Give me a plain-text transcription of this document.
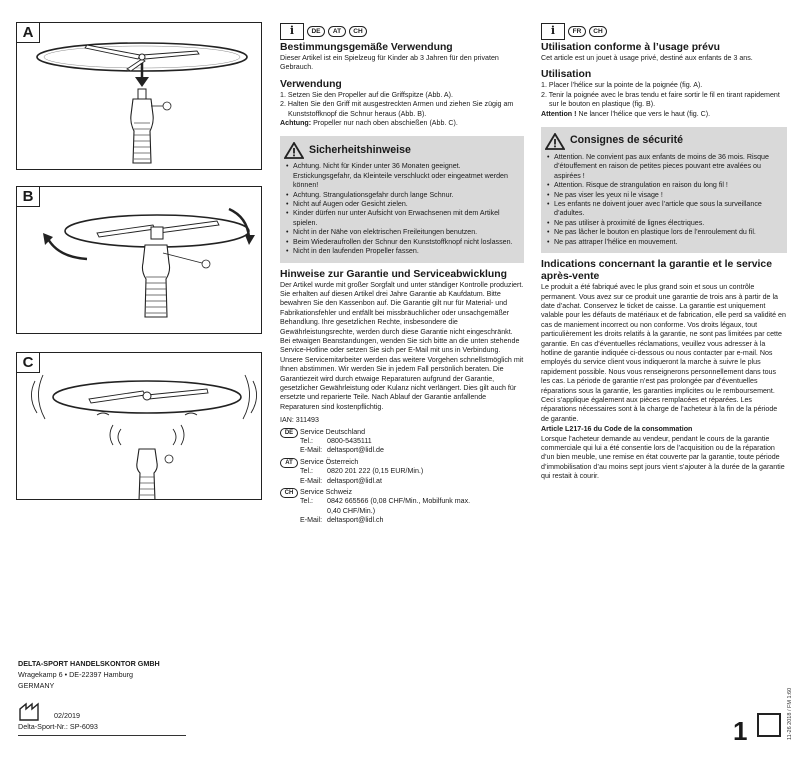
A
B
C
i	DE	AT	CH
Bestimmungsgemäße Verwendung

Dieser Artikel ist ein Spielzeug für Kinder ab 3 Jahren für den privaten Gebrauch.

Verwendung

1. Setzen Sie den Propeller auf die Griffspitze (Abb. A).

2. Halten Sie den Griff mit ausgestreckten Armen und ziehen Sie zügig am Kunststoffknopf die Schnur heraus (Abb. B).

Achtung: Propeller nur nach oben abschießen (Abb. C).

Sicherheitshinweise

• Achtung. Nicht für Kinder unter 36 Monaten geeignet. Erstickungsgefahr, da Kleinteile verschluckt oder eingeatmet werden können!

• Achtung. Strangulationsgefahr durch lange Schnur.

• Nicht auf Augen oder Gesicht zielen.

• Kinder dürfen nur unter Aufsicht von Erwachsenen mit dem Artikel spielen.

• Nicht in der Nähe von elektrischen Freileitungen benutzen.

• Beim Wiederaufrollen der Schnur den Kunststoffknopf nicht loslassen.

• Nicht in den laufenden Propeller fassen.

Hinweise zur Garantie und Serviceabwicklung

Der Artikel wurde mit großer Sorgfalt und unter ständiger Kontrolle produziert. Sie erhalten auf diesen Artikel drei Jahre Garantie ab Kaufdatum. Bitte bewahren Sie den Kassenbon auf. Die Garantie gilt nur für Material- und Fabrikationsfehler und entfällt bei missbräuchlicher oder unsachgemäßer Behandlung. Ihre gesetzlichen Rechte, insbesondere die Gewährleistungsrechte, werden durch diese Garantie nicht eingeschränkt. Bei etwaigen Beanstandungen, wenden Sie sich bitte an die unten stehende Service-Hotline oder setzen Sie sich per E-Mail mit uns in Verbindung. Unsere Servicemitarbeiter werden das weitere Vorgehen schnellstmöglich mit Ihnen abstimmen. Wir werden Sie in jedem Fall persönlich beraten. Die Garantiezeit wird durch etwaige Reparaturen aufgrund der Garantie, gesetzlicher Gewährleistung oder Kulanz nicht verlängert. Dies gilt auch für ersetzte und reparierte Teile. Nach Ablauf der Garantie anfallende Reparaturen sind kostenpflichtig.

IAN: 311493

DE Service Deutschland
Tel.:	0800-5435111
E-Mail: deltasport@lidl.de
AT	Service Österreich
Tel.:	0820 201 222 (0,15 EUR/Min.)
E-Mail: deltasport@lidl.at
CH Service Schweiz
Tel.:	0842 665566 (0,08 CHF/Min., Mobilfunk max. 0,40 CHF/Min.)
E-Mail: deltasport@lidl.ch
i	FR	CH
Utilisation conforme à l’usage prévu

Cet article est un jouet à usage privé, destiné aux enfants de 3 ans.

Utilisation

1. Placer l’hélice sur la pointe de la poignée (fig. A).

2. Tenir la poignée avec le bras tendu et faire sortir le fil en tirant rapidement sur le bouton en plastique (fig. B).

Attention ! Ne lancer l’hélice que vers le haut (fig. C).

Consignes de sécurité

• Attention. Ne convient pas aux enfants de moins de 36 mois. Risque d’étouffement en raison de petites pieces pouvant etre avalées ou aspirées !

• Attention. Risque de strangulation en raison du long fil !

• Ne pas viser les yeux ni le visage !

• Les enfants ne doivent jouer avec l’article que sous la surveillance d’adultes.

• Ne pas utiliser à proximité de lignes électriques.

• Ne pas lâcher le bouton en plastique lors de l’enroulement du fil.

• Ne pas attraper l’hélice en mouvement.

Indications concernant la garantie et le service après-vente

Le produit a été fabriqué avec le plus grand soin et sous un contrôle permanent. Vous avez sur ce produit une garantie de trois ans à partir de la date d’achat. Conservez le ticket de caisse. La garantie est uniquement valable pour les défauts de matériaux et de fabrication, elle perd sa validité en cas de maniement incorrect ou non conforme. Vos droits légaux, tout particulièrement les droits relatifs à la garantie, ne sont pas limitées par cette garantie. En cas d’éventuelles réclamations, veuillez vous adresser à la hotline de garantie indiquée ci-dessous ou nous contacter par e-mail. Nos employés du service client vous indiqueront la marche à suivre le plus rapidement possible. Nous vous renseignerons personnellement dans tous les cas. La période de garantie n’est pas prolongée par d’éventuelles réparations sous la garantie, les garanties implicites ou le remboursement. Ceci s’applique également aux pièces remplacées et réparées. Les réparations nécessaires sont à la charge de l’acheteur à la fin de la période de garantie.

Article L217-16 du Code de la consommation

Lorsque l’acheteur demande au vendeur, pendant le cours de la garantie commerciale qui lui a été consentie lors de l’acquisition ou de la réparation d’un bien meuble, une remise en état couverte par la garantie, toute période d’immobilisation d’au moins sept jours vient s’ajouter à la durée de la garantie qui restait à courir.

DELTA-SPORT HANDELSKONTOR GMBH
Wragekamp 6 • DE-22397 Hamburg
GERMANY
02/2019
Delta-Sport-Nr.: SP-6093	1	11-26 2018 / FM 1:60
